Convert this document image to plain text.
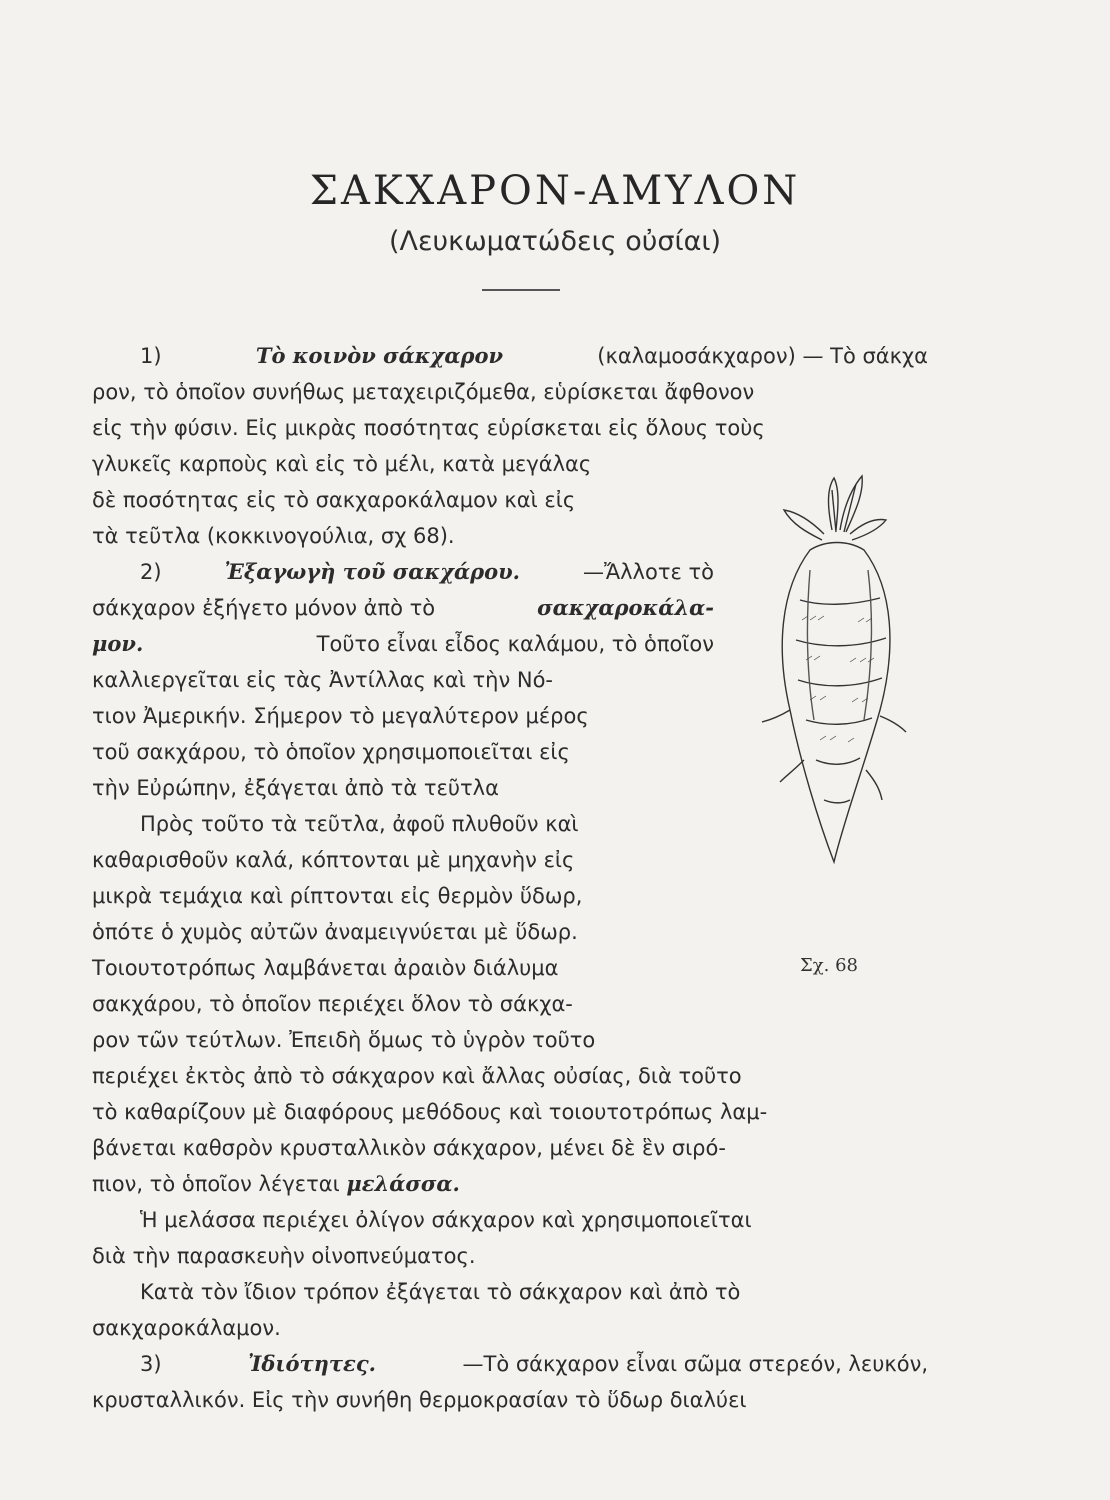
ΣΑΚΧΑΡΟΝ-ΑΜΥΛΟΝ
(Λευκωματώδεις οὐσίαι)
Σχ. 68
1)	Τὸ κοινὸν σάκχαρον	(καλαμοσάκχαρον) — Τὸ σάκχα
ρον, τὸ ὁποῖον συνήθως μεταχειριζόμεθα, εὑρίσκεται ἄφθονον
εἰς τὴν φύσιν. Εἰς μικρὰς ποσότητας εὑρίσκεται εἰς ὅλους τοὺς
γλυκεῖς καρποὺς καὶ εἰς τὸ μέλι, κατὰ μεγάλας
δὲ ποσότητας εἰς τὸ σακχαροκάλαμον καὶ εἰς
τὰ τεῦτλα (κοκκινογούλια, σχ 68).
2)	Ἐξαγωγὴ τοῦ σακχάρου.	—Ἄλλοτε τὸ
σάκχαρον ἐξήγετο μόνον ἀπὸ τὸ	σακχαροκάλα-
μον.	Τοῦτο εἶναι εἶδος καλάμου, τὸ ὁποῖον
καλλιεργεῖται εἰς τὰς Ἀντίλλας καὶ τὴν Νό-
τιον Ἀμερικήν. Σήμερον τὸ μεγαλύτερον μέρος
τοῦ σακχάρου, τὸ ὁποῖον χρησιμοποιεῖται εἰς
τὴν Εὐρώπην, ἐξάγεται ἀπὸ τὰ τεῦτλα
Πρὸς τοῦτο τὰ τεῦτλα, ἀφοῦ πλυθοῦν καὶ
καθαρισθοῦν καλά, κόπτονται μὲ μηχανὴν εἰς
μικρὰ τεμάχια καὶ ρίπτονται εἰς θερμὸν ὕδωρ,
ὁπότε ὁ χυμὸς αὐτῶν ἀναμειγνύεται μὲ ὕδωρ.
Τοιουτοτρόπως λαμβάνεται ἀραιὸν διάλυμα
σακχάρου, τὸ ὁποῖον περιέχει ὅλον τὸ σάκχα-
ρον τῶν τεύτλων. Ἐπειδὴ ὅμως τὸ ὑγρὸν τοῦτο
περιέχει ἐκτὸς ἀπὸ τὸ σάκχαρον καὶ ἄλλας οὐσίας, διὰ τοῦτο
τὸ καθαρίζουν μὲ διαφόρους μεθόδους καὶ τοιουτοτρόπως λαμ-
βάνεται καθσρὸν κρυσταλλικὸν σάκχαρον, μένει δὲ ἓν σιρό-
πιον, τὸ ὁποῖον λέγεται μελάσσα.
Ἡ μελάσσα περιέχει ὀλίγον σάκχαρον καὶ χρησιμοποιεῖται
διὰ τὴν παρασκευὴν οἰνοπνεύματος.
Κατὰ τὸν ἴδιον τρόπον ἐξάγεται τὸ σάκχαρον καὶ ἀπὸ τὸ
σακχαροκάλαμον.
3)	Ἰδιότητες.	—Τὸ σάκχαρον εἶναι σῶμα στερεόν, λευκόν,
κρυσταλλικόν. Εἰς τὴν συνήθη θερμοκρασίαν τὸ ὕδωρ διαλύει
